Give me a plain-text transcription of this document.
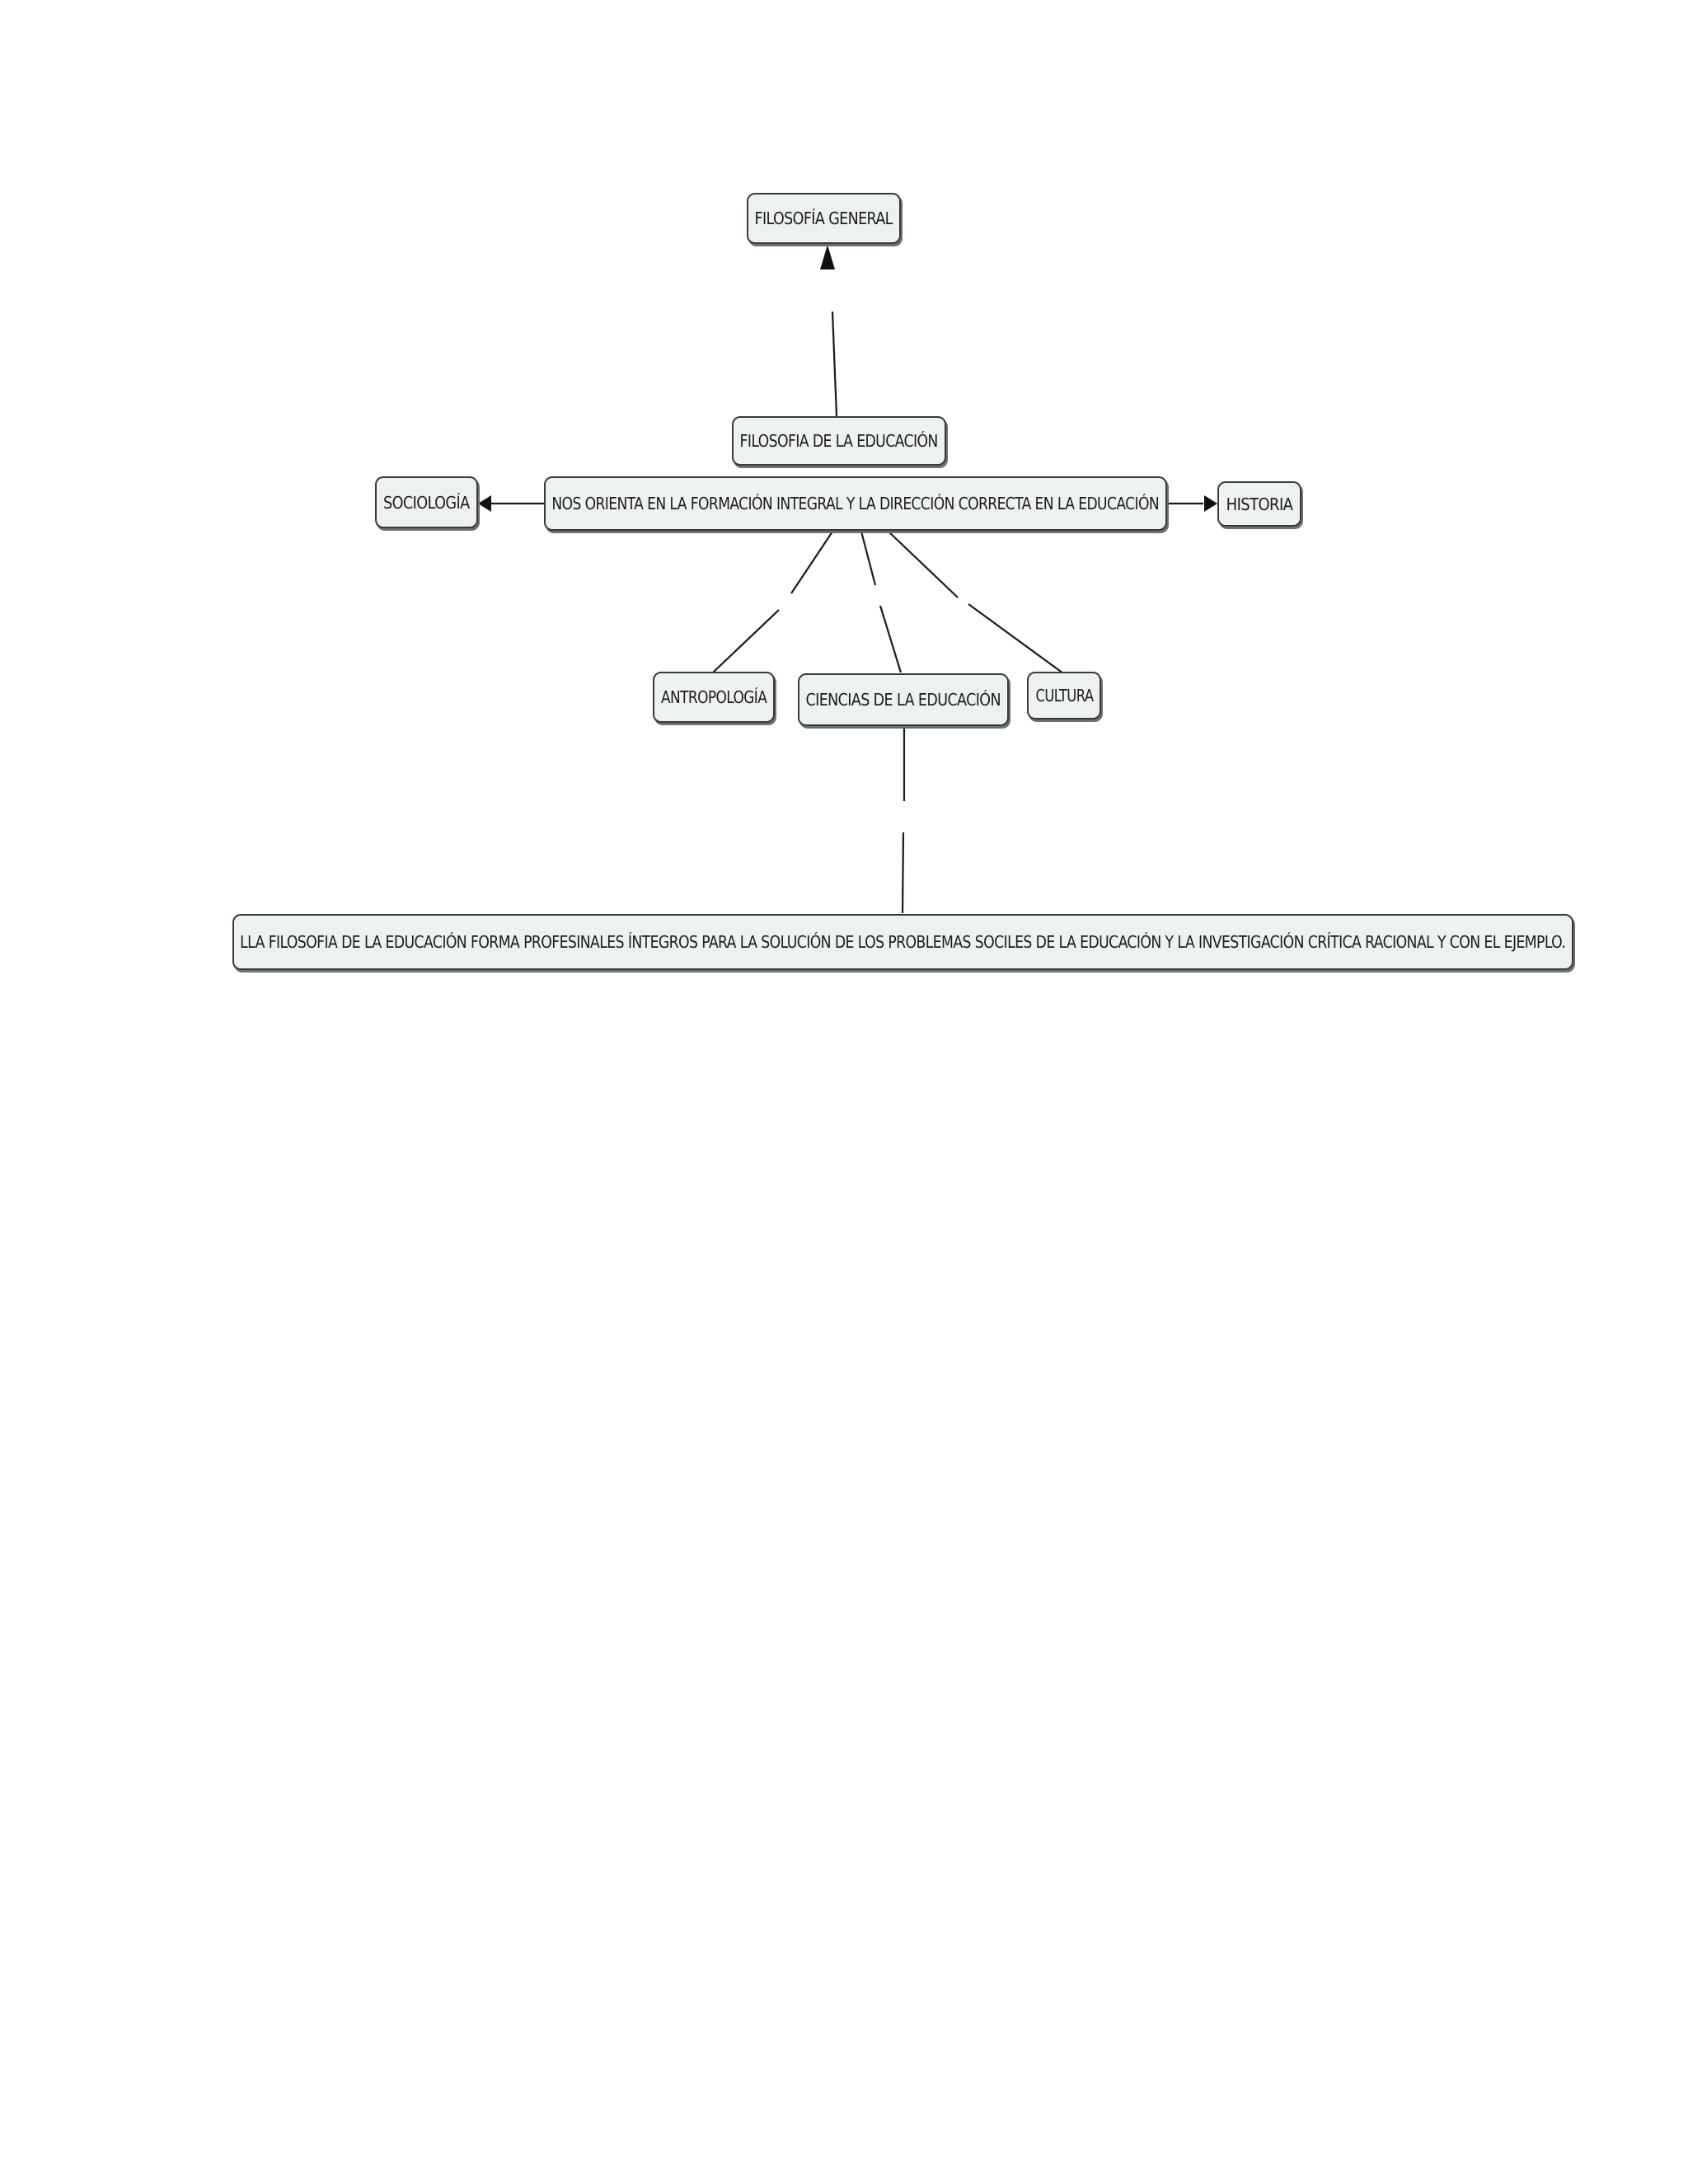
FILOSOFÍA GENERAL
FILOSOFIA DE LA EDUCACIÓN
NOS ORIENTA EN LA FORMACIÓN INTEGRAL Y LA DIRECCIÓN CORRECTA EN LA EDUCACIÓN
SOCIOLOGÍA	HISTORIA
ANTROPOLOGÍA CIENCIAS DE LA EDUCACIÓN CULTURA
LLA FILOSOFIA DE LA EDUCACIÓN FORMA PROFESINALES ÍNTEGROS PARA LA SOLUCIÓN DE LOS PROBLEMAS SOCILES DE LA EDUCACIÓN Y LA INVESTIGACIÓN CRÍTICA RACIONAL Y CON EL EJEMPLO.
